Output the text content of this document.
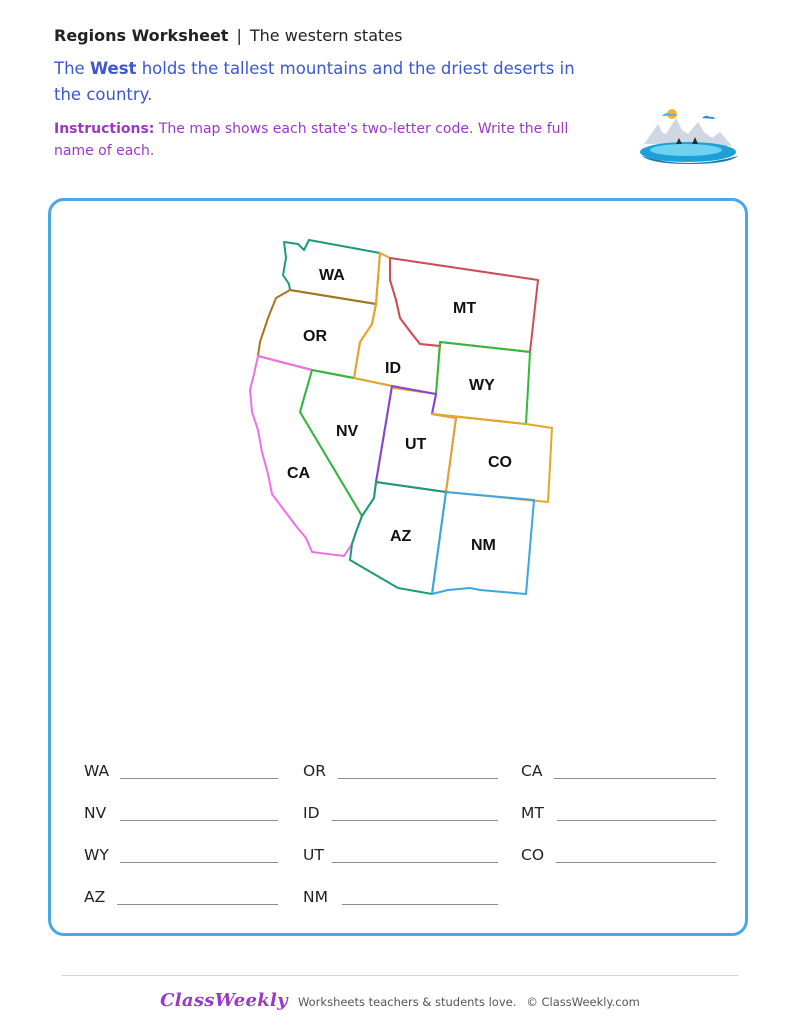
Regions Worksheet | The western states
The West holds the tallest mountains and the driest deserts in the country.
Instructions: The map shows each state's two-letter code. Write the full name of each.
WA
OR
CA
NV
ID
MT
WY
UT
CO
AZ
NM
WA	OR	CA
NV	ID	MT
WY	UT	CO
AZ	NM
ClassWeekly Worksheets teachers & students love. © ClassWeekly.com
